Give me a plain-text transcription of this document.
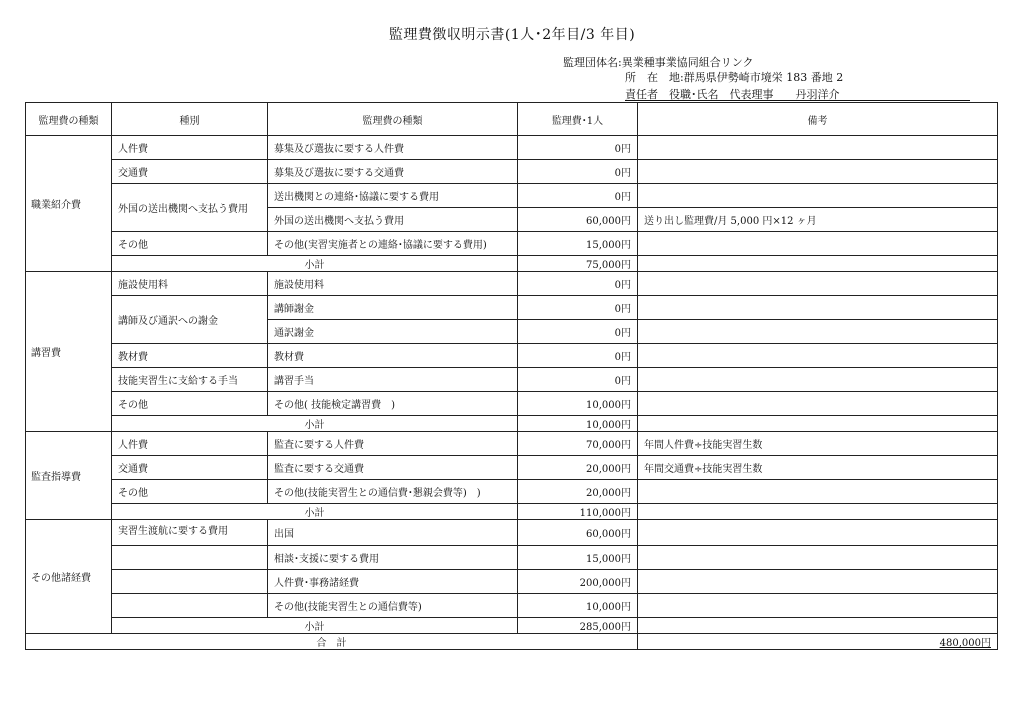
監理費徴収明示書(1人･2年目/3 年目)
監理団体名:異業種事業協同組合リンク
所　在　地:群馬県伊勢崎市境栄 183 番地 2
責任者　役職･氏名　代表理事　　丹羽洋介
監理費の種類	種別	監理費の種類	監理費･1人	備考	
職業紹介費	人件費	募集及び選抜に要する人件費	0円		
	交通費	募集及び選抜に要する交通費	0円		
	外国の送出機関へ支払う費用	送出機関との連絡･協議に要する費用	0円		
		外国の送出機関へ支払う費用	60,000円	送り出し監理費/月 5,000 円×12 ヶ月	
	その他	その他(実習実施者との連絡･協議に要する費用)	15,000円		
	小計		75,000円		
講習費	施設使用料	施設使用料	0円		
	講師及び通訳への謝金	講師謝金	0円		
		通訳謝金	0円		
	教材費	教材費	0円		
	技能実習生に支給する手当	講習手当	0円		
	その他	その他( 技能検定講習費　)	10,000円		
	小計		10,000円		
監査指導費	人件費	監査に要する人件費	70,000円	年間人件費÷技能実習生数	
	交通費	監査に要する交通費	20,000円	年間交通費÷技能実習生数	
	その他	その他(技能実習生との通信費･懇親会費等)　)	20,000円		
	小計		110,000円		
その他諸経費	実習生渡航に要する費用	出国	60,000円		
		相談･支援に要する費用	15,000円		
		人件費･事務諸経費	200,000円		
		その他(技能実習生との通信費等)	10,000円		
	小計		285,000円		
合　計				480,000円	
